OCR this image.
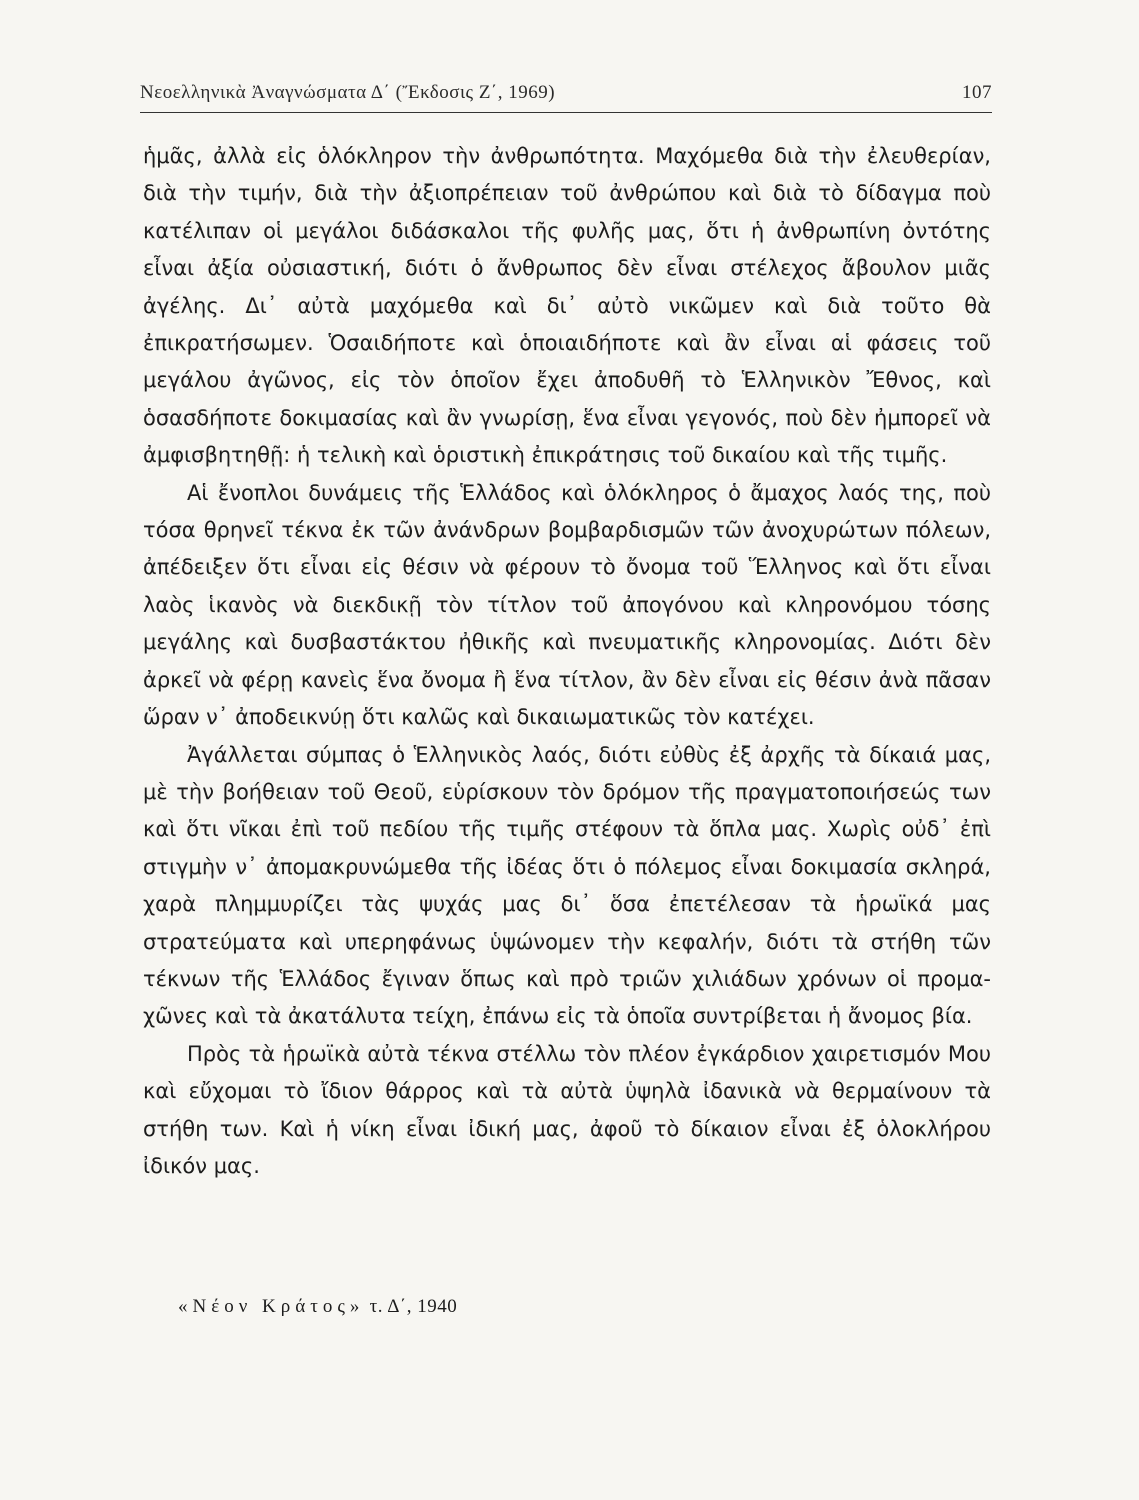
Νεοελληνικὰ Ἀναγνώσματα Δ΄ (Ἔκδοσις Ζ΄, 1969)	107

ἡμᾶς, ἀλλὰ εἰς ὁλόκληρον τὴν ἀνθρωπότητα. Μαχόμεθα διὰ τὴν ἐλευθερίαν, διὰ τὴν τιμήν, διὰ τὴν ἀξιοπρέπειαν τοῦ ἀνθρώπου καὶ διὰ τὸ δίδαγμα ποὺ κατέλιπαν οἱ μεγάλοι διδάσκαλοι τῆς φυλῆς μας, ὅτι ἡ ἀνθρωπίνη ὀντότης εἶναι ἀξία οὐσιαστική, διότι ὁ ἄνθρωπος δὲν εἶναι στέλεχος ἄβουλον μιᾶς ἀγέλης. Δι᾽ αὐτὰ μαχόμεθα καὶ δι᾽ αὐτὸ νικῶμεν καὶ διὰ τοῦτο θὰ ἐπικρατήσωμεν. Ὁσαιδήποτε καὶ ὁποιαιδήποτε καὶ ἂν εἶναι αἱ φάσεις τοῦ μεγάλου ἀγῶνος, εἰς τὸν ὁποῖον ἔχει ἀποδυθῆ τὸ Ἑλληνικὸν Ἔθνος, καὶ ὁσασδήποτε δοκιμασίας καὶ ἂν γνωρίσῃ, ἕνα εἶναι γεγονός, ποὺ δὲν ἠμπορεῖ νὰ ἀμφισβητηθῇ: ἡ τελικὴ καὶ ὁριστικὴ ἐπικράτησις τοῦ δικαίου καὶ τῆς τιμῆς.

Αἱ ἔνοπλοι δυνάμεις τῆς Ἑλλάδος καὶ ὁλόκληρος ὁ ἄμαχος λαός της, ποὺ τόσα θρηνεῖ τέκνα ἐκ τῶν ἀνάνδρων βομβαρδισμῶν τῶν ἀνοχυρώτων πόλεων, ἀπέδειξεν ὅτι εἶναι εἰς θέσιν νὰ φέρουν τὸ ὄνομα τοῦ Ἕλληνος καὶ ὅτι εἶναι λαὸς ἱκανὸς νὰ διεκδικῇ τὸν τίτλον τοῦ ἀπογόνου καὶ κληρονόμου τόσης μεγάλης καὶ δυσβαστάκτου ἠθικῆς καὶ πνευματικῆς κληρονομίας. Διότι δὲν ἀρκεῖ νὰ φέρῃ κανεὶς ἕνα ὄνομα ἢ ἕνα τίτλον, ἂν δὲν εἶναι εἰς θέσιν ἀνὰ πᾶσαν ὥραν ν᾽ ἀποδεικνύῃ ὅτι καλῶς καὶ δικαιωματικῶς τὸν κατέχει.

Ἀγάλλεται σύμπας ὁ Ἑλληνικὸς λαός, διότι εὐθὺς ἐξ ἀρχῆς τὰ δίκαιά μας, μὲ τὴν βοήθειαν τοῦ Θεοῦ, εὑρίσκουν τὸν δρόμον τῆς πραγματοποιήσεώς των καὶ ὅτι νῖκαι ἐπὶ τοῦ πεδίου τῆς τιμῆς στέφουν τὰ ὅπλα μας. Χωρὶς οὐδ᾽ ἐπὶ στιγμὴν ν᾽ ἀπομακρυνώμεθα τῆς ἰδέας ὅτι ὁ πόλεμος εἶναι δοκιμασία σκληρά, χαρὰ πλημμυρίζει τὰς ψυχάς μας δι᾽ ὅσα ἐπετέλεσαν τὰ ἡρωϊκά μας στρατεύματα καὶ υπερηφάνως ὑψώνομεν τὴν κεφαλήν, διότι τὰ στήθη τῶν τέκνων τῆς Ἑλλάδος ἔγιναν ὅπως καὶ πρὸ τριῶν χιλιάδων χρόνων οἱ προμαχῶνες καὶ τὰ ἀκατάλυτα τείχη, ἐπάνω εἰς τὰ ὁποῖα συντρίβεται ἡ ἄνομος βία.

Πρὸς τὰ ἡρωϊκὰ αὐτὰ τέκνα στέλλω τὸν πλέον ἐγκάρδιον χαιρετισμόν Μου καὶ εὔχομαι τὸ ἴδιον θάρρος καὶ τὰ αὐτὰ ὑψηλὰ ἰδανικὰ νὰ θερμαίνουν τὰ στήθη των. Καὶ ἡ νίκη εἶναι ἰδική μας, ἀφοῦ τὸ δίκαιον εἶναι ἐξ ὁλοκλήρου ἰδικόν μας.

«Νέον Κράτος» τ. Δ΄, 1940
